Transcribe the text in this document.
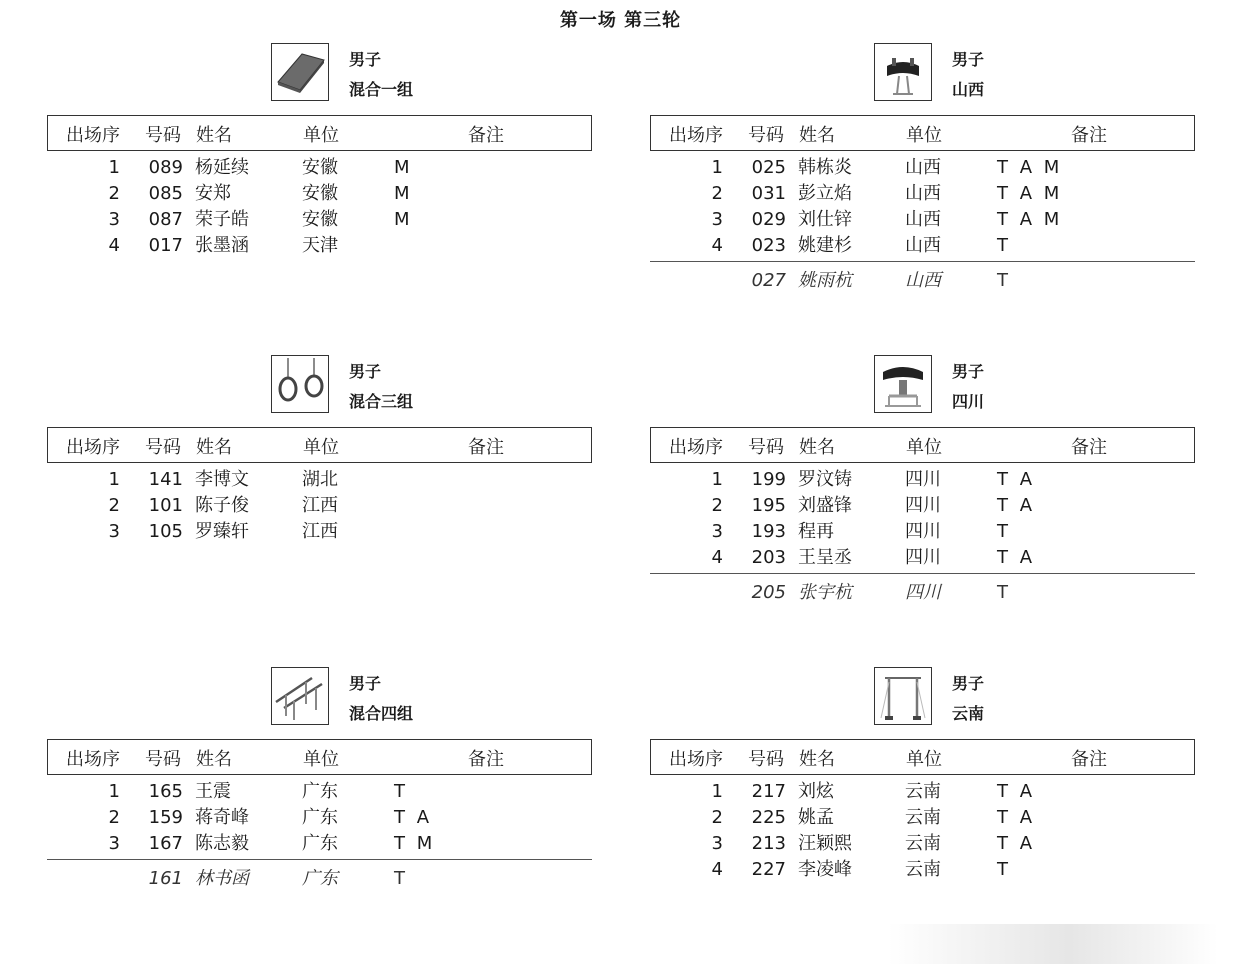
第一场 第三轮
男子
混合一组
出场序 号码 姓名	单位	备注
1	089 杨延续	安徽	M
2	085 安郑	安徽	M
3	087 荣子皓	安徽	M
4	017 张墨涵	天津
男子
山西
出场序 号码 姓名	单位	备注
1	025 韩栋炎	山西	T A M
2	031 彭立焰	山西	T A M
3	029 刘仕锌	山西	T A M
4	023 姚建杉	山西	T
027 姚雨杭	山西	T
男子
混合三组
出场序 号码 姓名	单位	备注
1	141 李博文	湖北
2	101 陈子俊	江西
3	105 罗臻轩	江西
男子
四川
出场序 号码 姓名	单位	备注
1	199 罗汶铸	四川	T A
2	195 刘盛锋	四川	T A
3	193 程再	四川	T
4	203 王呈丞	四川	T A
205 张宇杭	四川	T
男子
混合四组
出场序 号码 姓名	单位	备注
1	165 王震	广东	T
2	159 蒋奇峰	广东	T A
3	167 陈志毅	广东	T M
161 林书函	广东	T
男子
云南
出场序 号码 姓名	单位	备注
1	217 刘炫	云南	T A
2	225 姚孟	云南	T A
3	213 汪颖熙	云南	T A
4	227 李凌峰	云南	T
